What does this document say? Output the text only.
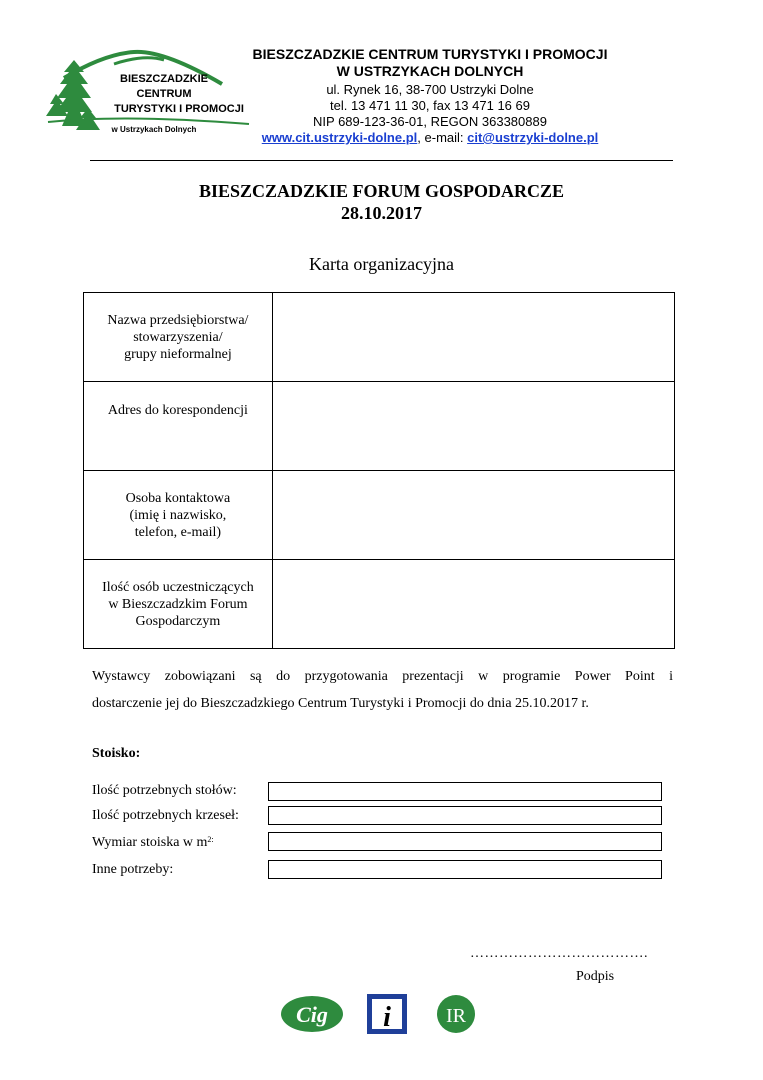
BIESZCZADZKIE
CENTRUM
TURYSTYKI I PROMOCJI
w Ustrzykach Dolnych
BIESZCZADZKIE CENTRUM TURYSTYKI I PROMOCJI
W USTRZYKACH DOLNYCH
ul. Rynek 16, 38-700 Ustrzyki Dolne
tel. 13 471 11 30, fax 13 471 16 69
NIP 689-123-36-01, REGON 363380889
www.cit.ustrzyki-dolne.pl, e-mail: cit@ustrzyki-dolne.pl
BIESZCZADZKIE FORUM GOSPODARCZE
28.10.2017
Karta organizacyjna
Nazwa przedsiębiorstwa/
stowarzyszenia/
grupy nieformalnej	

Adres do korespondencji	

Osoba kontaktowa
(imię i nazwisko,
telefon, e-mail)	

Ilość osób uczestniczących
w Bieszczadzkim Forum
Gospodarczym	

Wystawcy zobowiązani są do przygotowania prezentacji w programie Power Point i
dostarczenie jej do Bieszczadzkiego Centrum Turystyki i Promocji do dnia 25.10.2017 r.
Stoisko:
Ilość potrzebnych stołów:
Ilość potrzebnych krzeseł:
Wymiar stoiska w $m^{2:}$
Inne potrzeby:
……………………………….
Podpis
Cig i	IR
